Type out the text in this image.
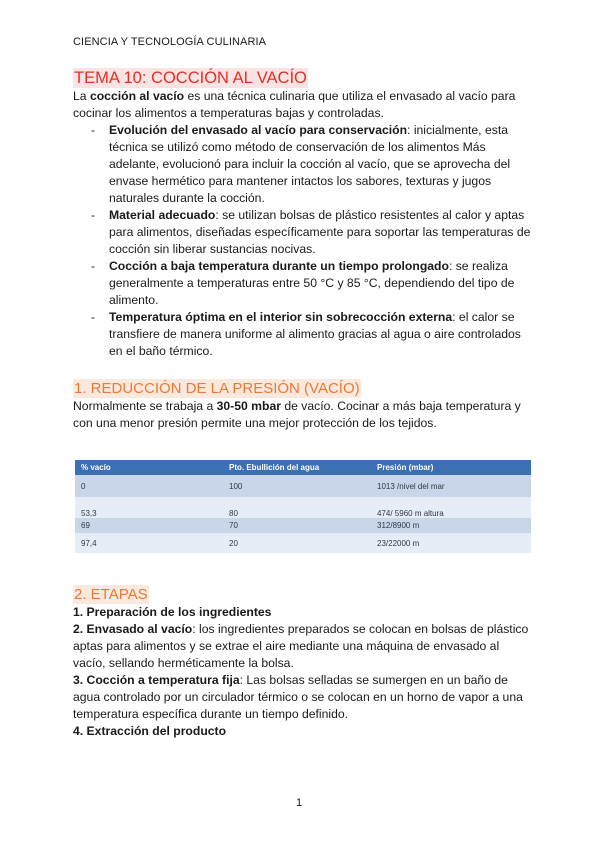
CIENCIA Y TECNOLOGÍA CULINARIA
TEMA 10: COCCIÓN AL VACÍO

La cocción al vacío es una técnica culinaria que utiliza el envasado al vacío para cocinar los alimentos a temperaturas bajas y controladas.

- Evolución del envasado al vacío para conservación: inicialmente, esta técnica se utilizó como método de conservación de los alimentos Más adelante, evolucionó para incluir la cocción al vacío, que se aprovecha del envase hermético para mantener intactos los sabores, texturas y jugos naturales durante la cocción.
- Material adecuado: se utilizan bolsas de plástico resistentes al calor y aptas para alimentos, diseñadas específicamente para soportar las temperaturas de cocción sin liberar sustancias nocivas.
- Cocción a baja temperatura durante un tiempo prolongado: se realiza generalmente a temperaturas entre 50 °C y 85 °C, dependiendo del tipo de alimento.
- Temperatura óptima en el interior sin sobrecocción externa: el calor se transfiere de manera uniforme al alimento gracias al agua o aire controlados en el baño térmico.
1. REDUCCIÓN DE LA PRESIÓN (VACÍO)

Normalmente se trabaja a 30-50 mbar de vacío. Cocinar a más baja temperatura y con una menor presión permite una mejor protección de los tejidos.

% vacío	Pto. Ebullición del agua	Presión (mbar)
0	100	1013 /nivel del mar
53,3	80	474/ 5960 m altura
69	70	312/8900 m
97,4	20	23/22000 m
2. ETAPAS

1. Preparación de los ingredientes

2. Envasado al vacío: los ingredientes preparados se colocan en bolsas de plástico aptas para alimentos y se extrae el aire mediante una máquina de envasado al vacío, sellando herméticamente la bolsa.

3. Cocción a temperatura fija: Las bolsas selladas se sumergen en un baño de agua controlado por un circulador térmico o se colocan en un horno de vapor a una temperatura específica durante un tiempo definido.

4. Extracción del producto

1
